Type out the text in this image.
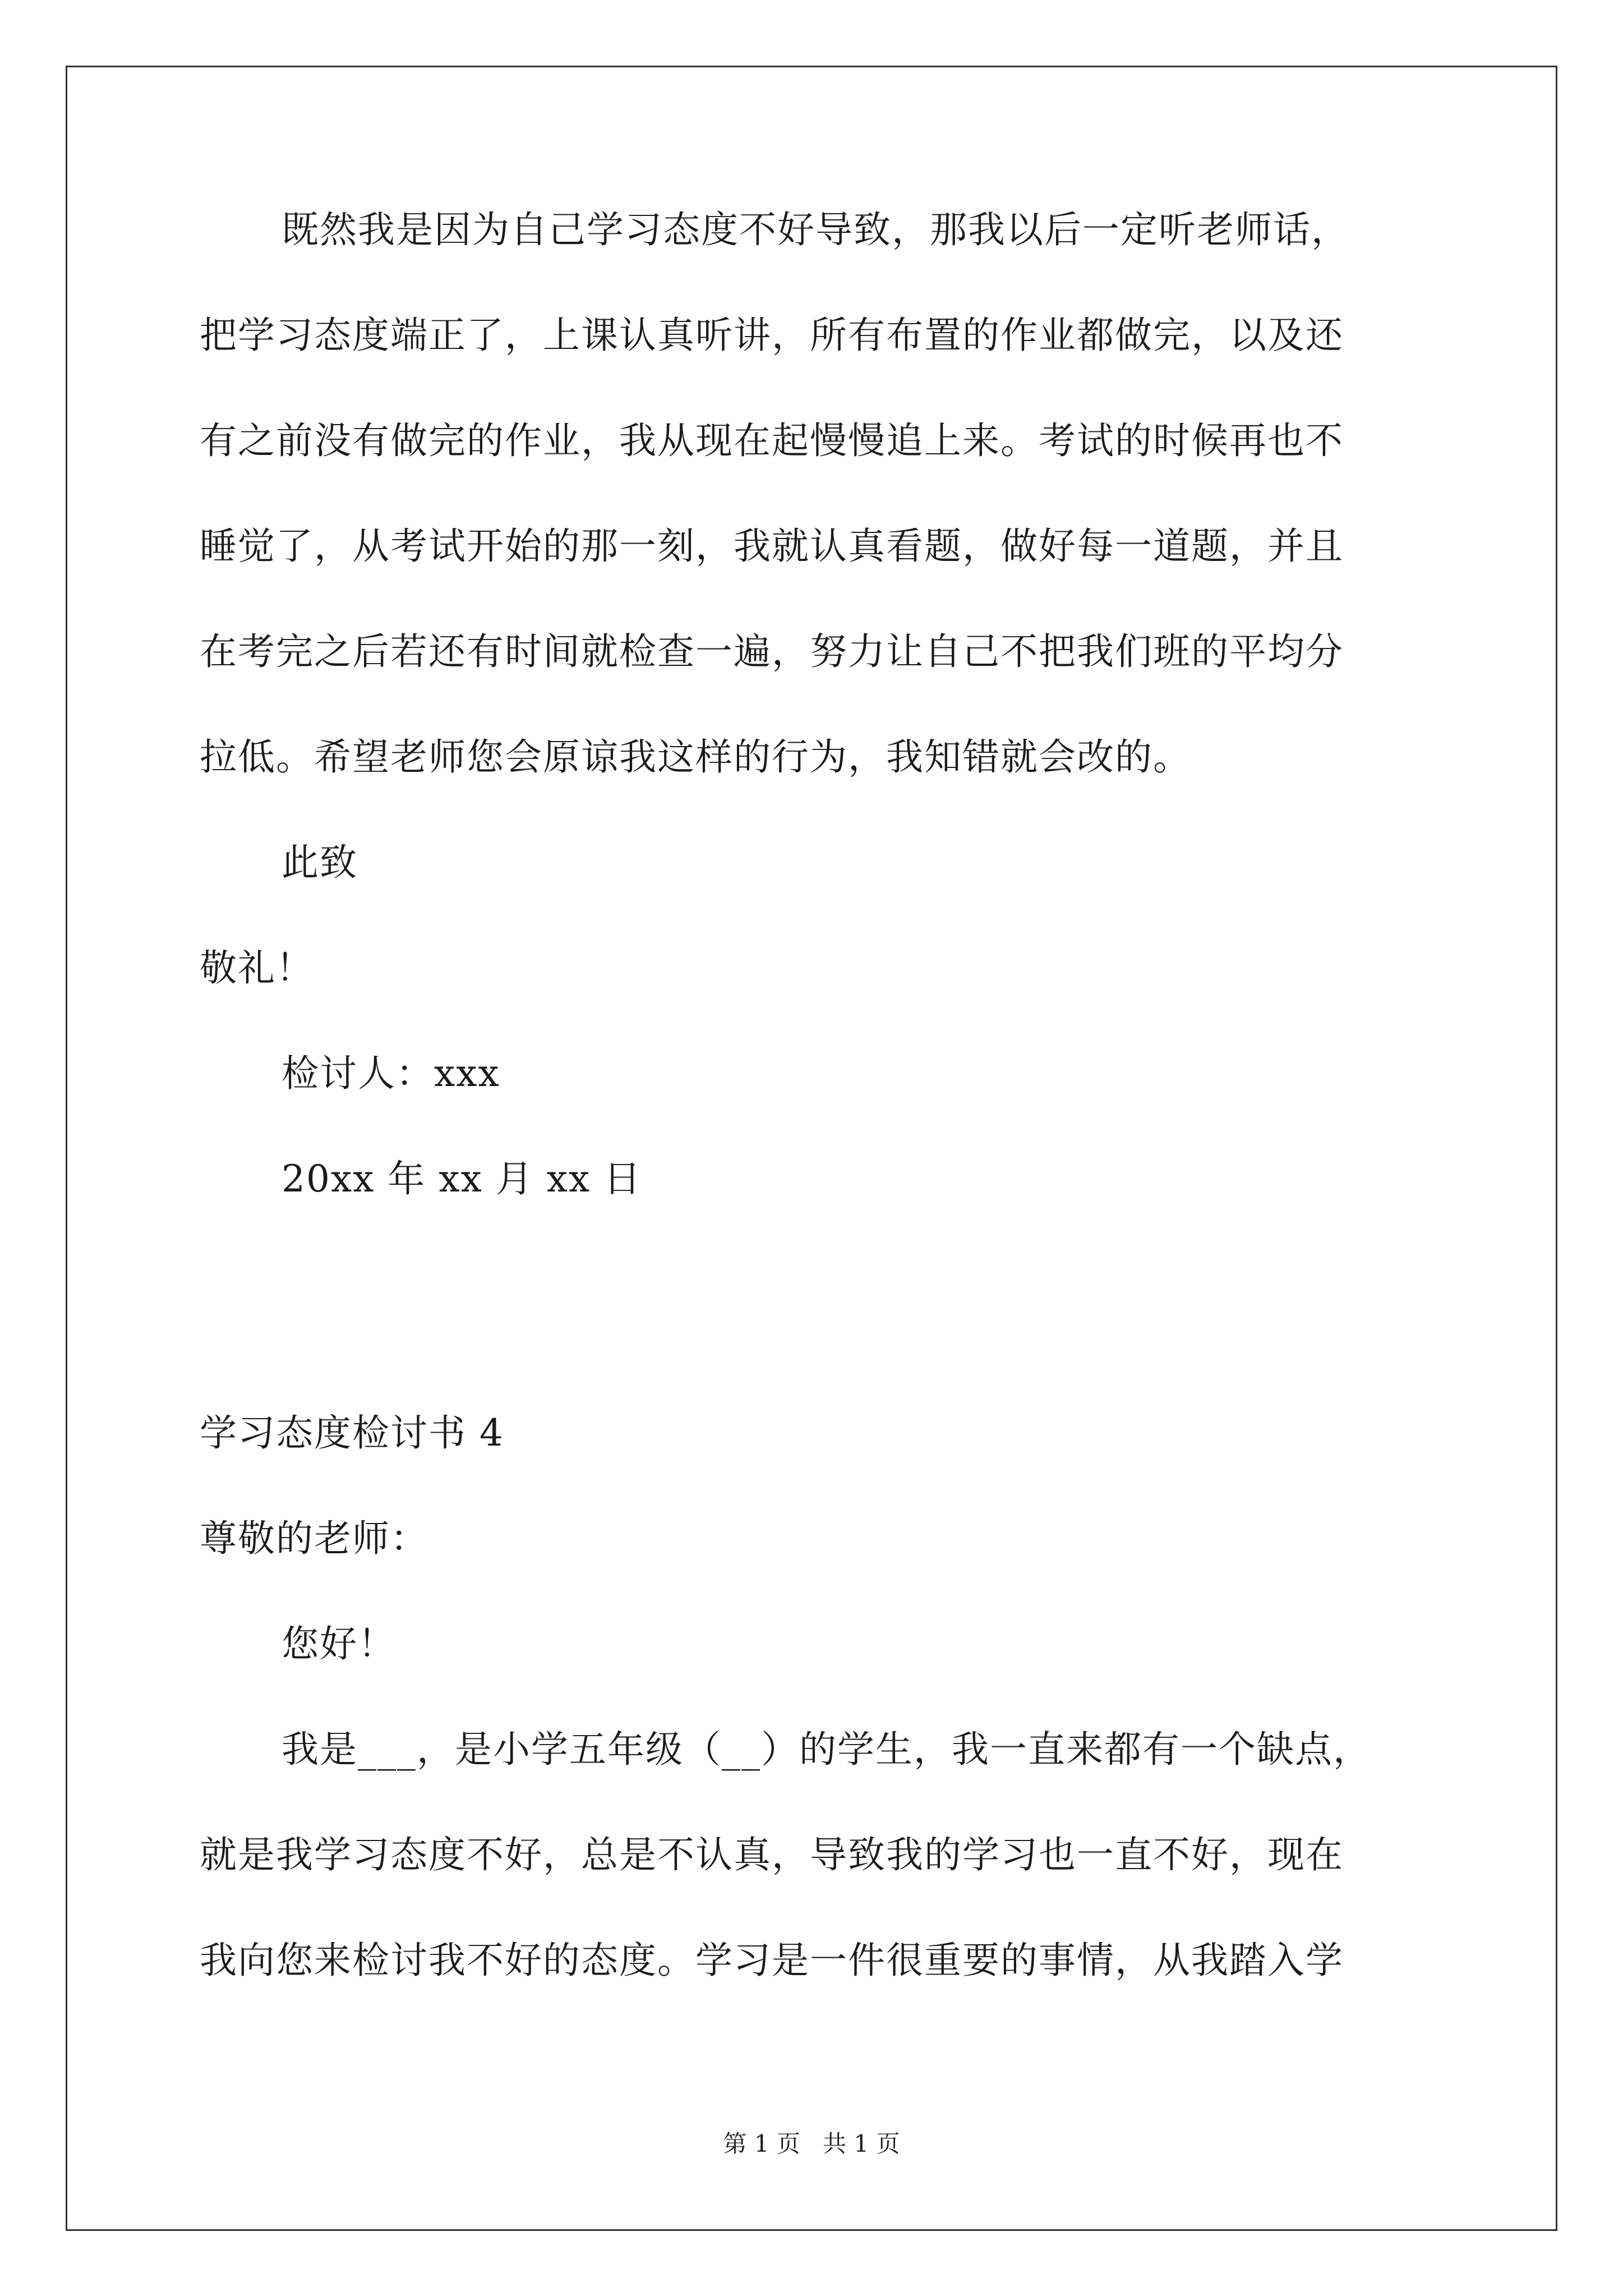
既然我是因为自己学习态度不好导致，那我以后一定听老师话，
把学习态度端正了，上课认真听讲，所有布置的作业都做完，以及还
有之前没有做完的作业，我从现在起慢慢追上来。考试的时候再也不
睡觉了，从考试开始的那一刻，我就认真看题，做好每一道题，并且
在考完之后若还有时间就检查一遍，努力让自己不把我们班的平均分
拉低。希望老师您会原谅我这样的行为，我知错就会改的。
此致
敬礼！
检讨人：xxx
20xx 年 xx 月 xx 日
学习态度检讨书 4
尊敬的老师：
您好！
我是___，是小学五年级（__）的学生，我一直来都有一个缺点，
就是我学习态度不好，总是不认真，导致我的学习也一直不好，现在
我向您来检讨我不好的态度。学习是一件很重要的事情，从我踏入学
第 1 页   共 1 页
